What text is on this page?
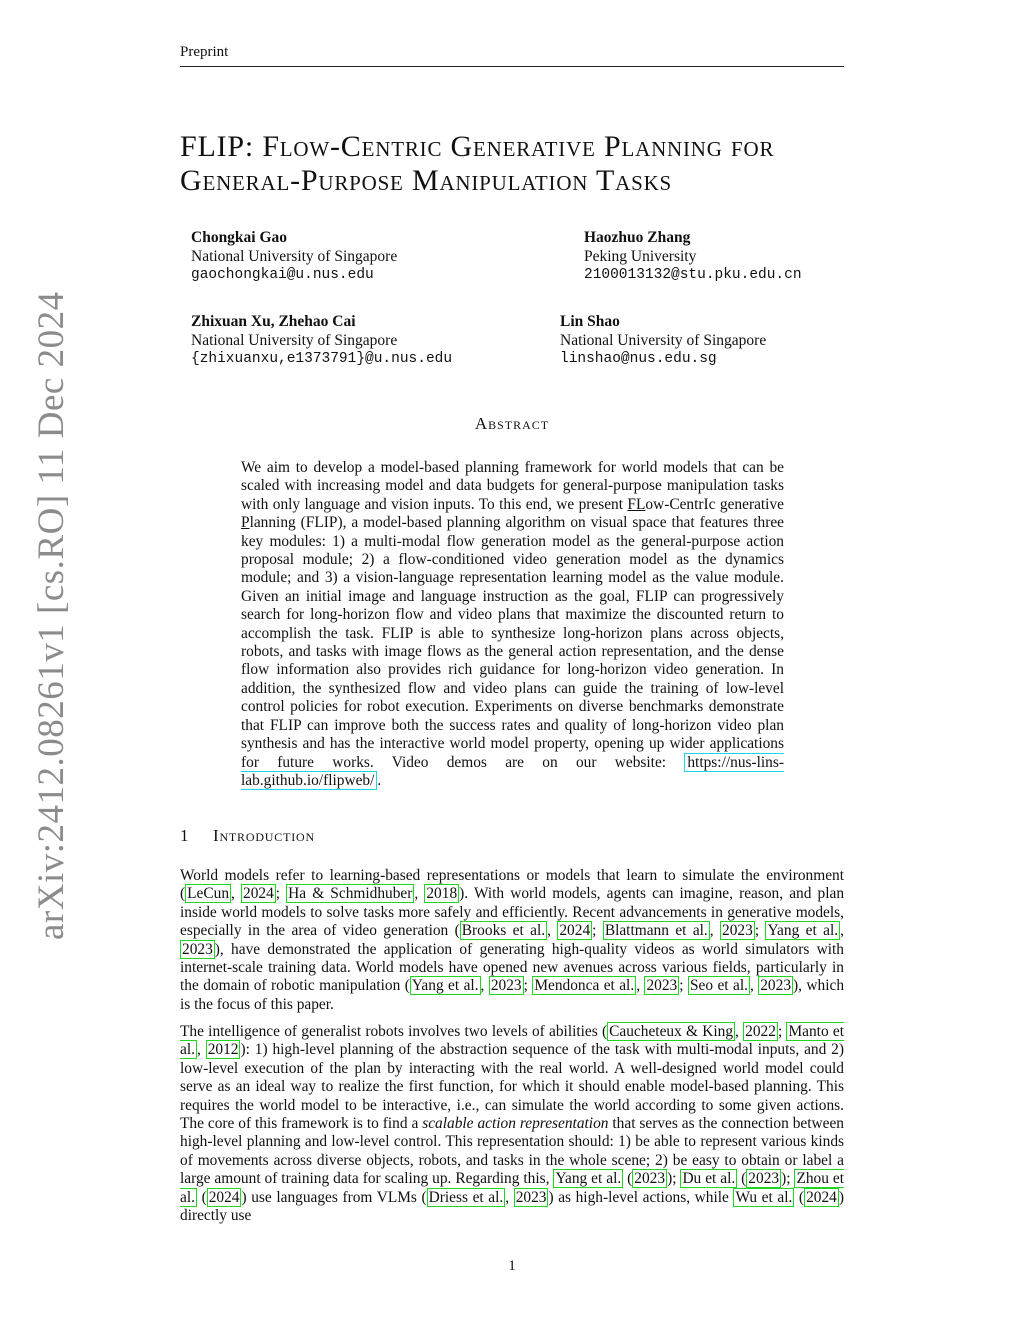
Preprint
arXiv:2412.08261v1 [cs.RO] 11 Dec 2024
FLIP: Flow-Centric Generative Planning for General-Purpose Manipulation Tasks
Chongkai Gao
National University of Singapore
gaochongkai@u.nus.edu
Haozhuo Zhang
Peking University
2100013132@stu.pku.edu.cn
Zhixuan Xu, Zhehao Cai
National University of Singapore
{zhixuanxu,e1373791}@u.nus.edu
Lin Shao
National University of Singapore
linshao@nus.edu.sg
Abstract

We aim to develop a model-based planning framework for world models that can be scaled with increasing model and data budgets for general-purpose manipulation tasks with only language and vision inputs. To this end, we present FLow-CentrIc generative Planning (FLIP), a model-based planning algorithm on visual space that features three key modules: 1) a multi-modal flow generation model as the general-purpose action proposal module; 2) a flow-conditioned video generation model as the dynamics module; and 3) a vision-language representation learning model as the value module. Given an initial image and language instruction as the goal, FLIP can progressively search for long-horizon flow and video plans that maximize the discounted return to accomplish the task. FLIP is able to synthesize long-horizon plans across objects, robots, and tasks with image flows as the general action representation, and the dense flow information also provides rich guidance for long-horizon video generation. In addition, the synthesized flow and video plans can guide the training of low-level control policies for robot execution. Experiments on diverse benchmarks demonstrate that FLIP can improve both the success rates and quality of long-horizon video plan synthesis and has the interactive world model property, opening up wider applications for future works. Video demos are on our website: https://nus-lins-lab.github.io/flipweb/ .

1 Introduction

World models refer to learning-based representations or models that learn to simulate the environment ( LeCun , 2024 ; Ha & Schmidhuber , 2018 ). With world models, agents can imagine, reason, and plan inside world models to solve tasks more safely and efficiently. Recent advancements in generative models, especially in the area of video generation ( Brooks et al. , 2024 ; Blattmann et al. , 2023 ; Yang et al. , 2023 ), have demonstrated the application of generating high-quality videos as world simulators with internet-scale training data. World models have opened new avenues across various fields, particularly in the domain of robotic manipulation ( Yang et al. , 2023 ; Mendonca et al. , 2023 ; Seo et al. , 2023 ), which is the focus of this paper.

The intelligence of generalist robots involves two levels of abilities ( Caucheteux & King , 2022 ; Manto et al. , 2012 ): 1) high-level planning of the abstraction sequence of the task with multi-modal inputs, and 2) low-level execution of the plan by interacting with the real world. A well-designed world model could serve as an ideal way to realize the first function, for which it should enable model-based planning. This requires the world model to be interactive, i.e., can simulate the world according to some given actions. The core of this framework is to find a scalable action representation that serves as the connection between high-level planning and low-level control. This representation should: 1) be able to represent various kinds of movements across diverse objects, robots, and tasks in the whole scene; 2) be easy to obtain or label a large amount of training data for scaling up. Regarding this, Yang et al. ( 2023 ); Du et al. ( 2023 ); Zhou et al. ( 2024 ) use languages from VLMs ( Driess et al. , 2023 ) as high-level actions, while Wu et al. ( 2024 ) directly use

1
